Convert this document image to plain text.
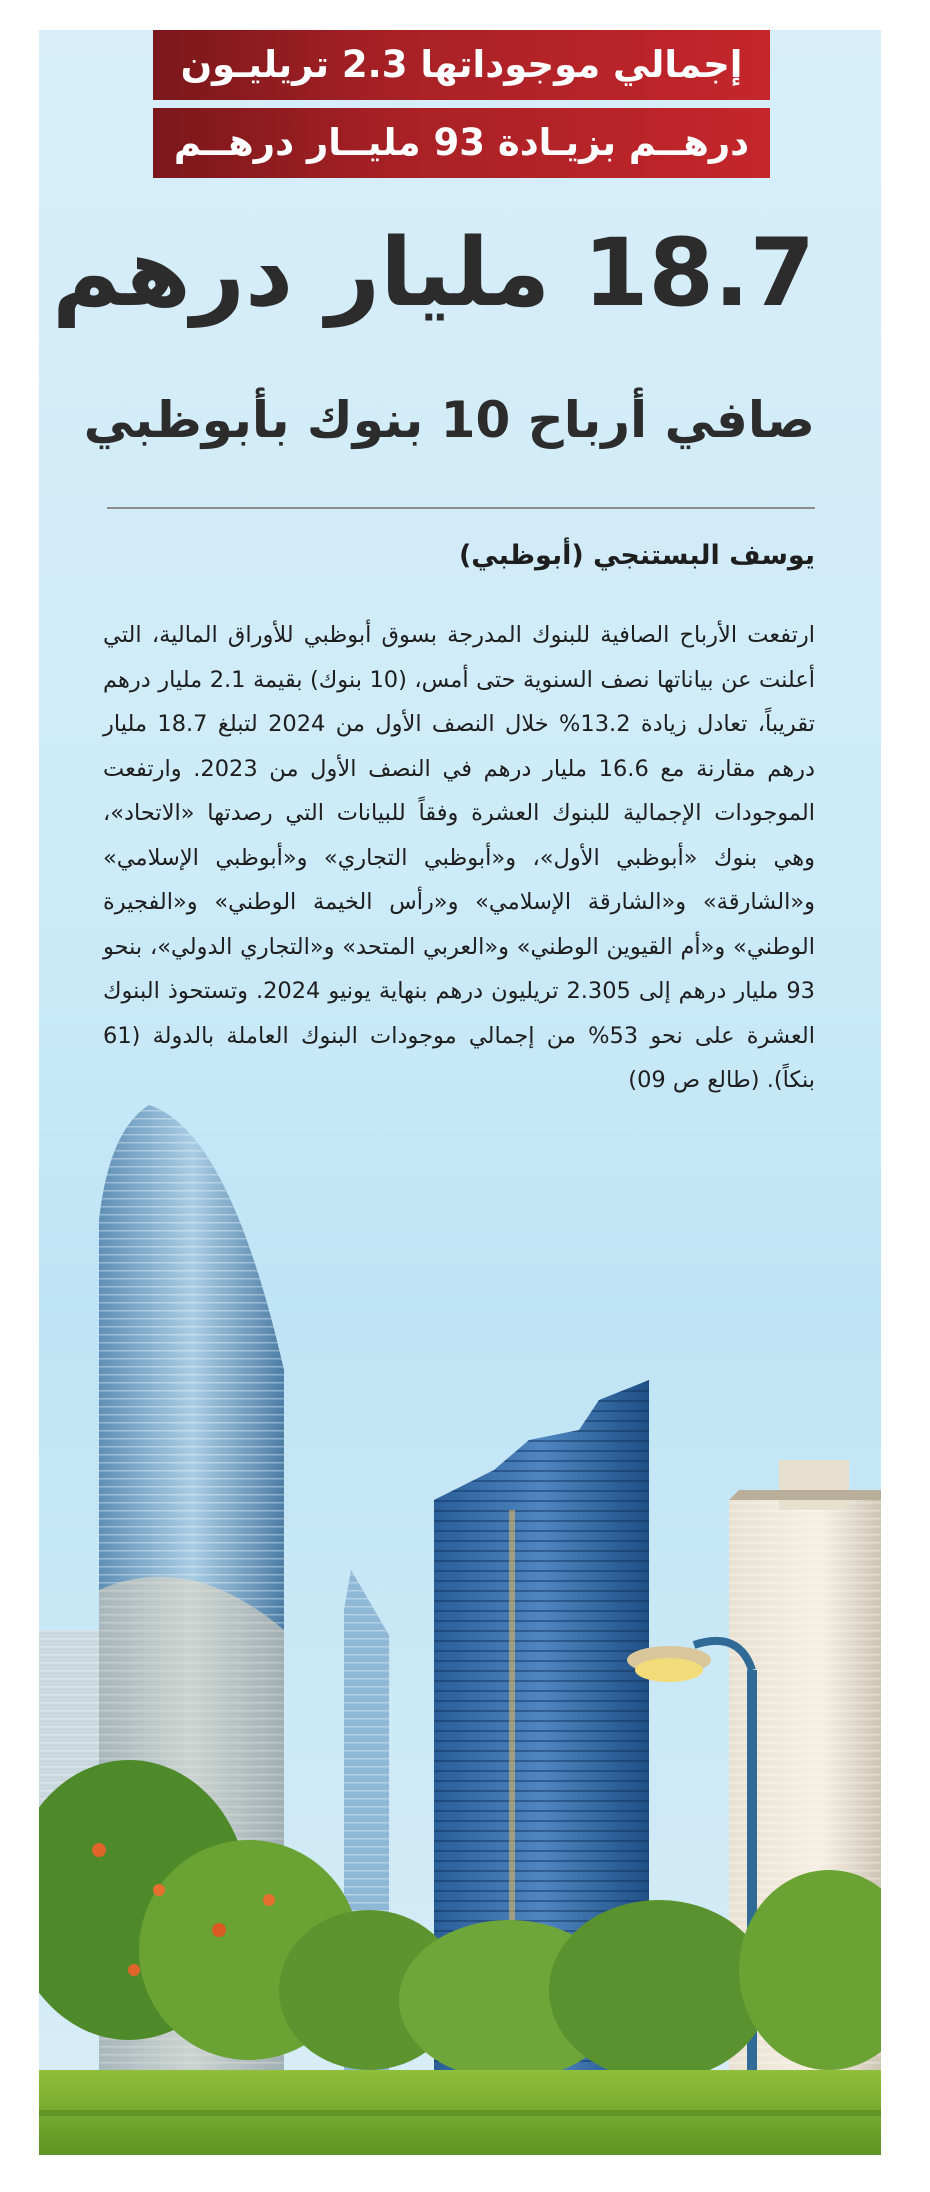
إجمالي موجوداتها 2.3 تريليـون
درهــم بزيـادة 93 مليــار درهــم
18.7 مليار درهم
صافي أرباح 10 بنوك بأبوظبي
يوسف البستنجي (أبوظبي)
ارتفعت الأرباح الصافية للبنوك المدرجة بسوق أبوظبي للأوراق المالية، التي أعلنت عن بياناتها نصف السنوية حتى أمس، (10 بنوك) بقيمة 2.1 مليار درهم تقريباً، تعادل زيادة 13.2% خلال النصف الأول من 2024 لتبلغ 18.7 مليار درهم مقارنة مع 16.6 مليار درهم في النصف الأول من 2023. وارتفعت الموجودات الإجمالية للبنوك العشرة وفقاً للبيانات التي رصدتها «الاتحاد»، وهي بنوك «أبوظبي الأول»، و«أبوظبي التجاري» و«أبوظبي الإسلامي» و«الشارقة» و«الشارقة الإسلامي» و«رأس الخيمة الوطني» و«الفجيرة الوطني» و«أم القيوين الوطني» و«العربي المتحد» و«التجاري الدولي»، بنحو 93 مليار درهم إلى 2.305 تريليون درهم بنهاية يونيو 2024. وتستحوذ البنوك العشرة على نحو 53% من إجمالي موجودات البنوك العاملة بالدولة (61 بنكاً). (طالع ص 09)
